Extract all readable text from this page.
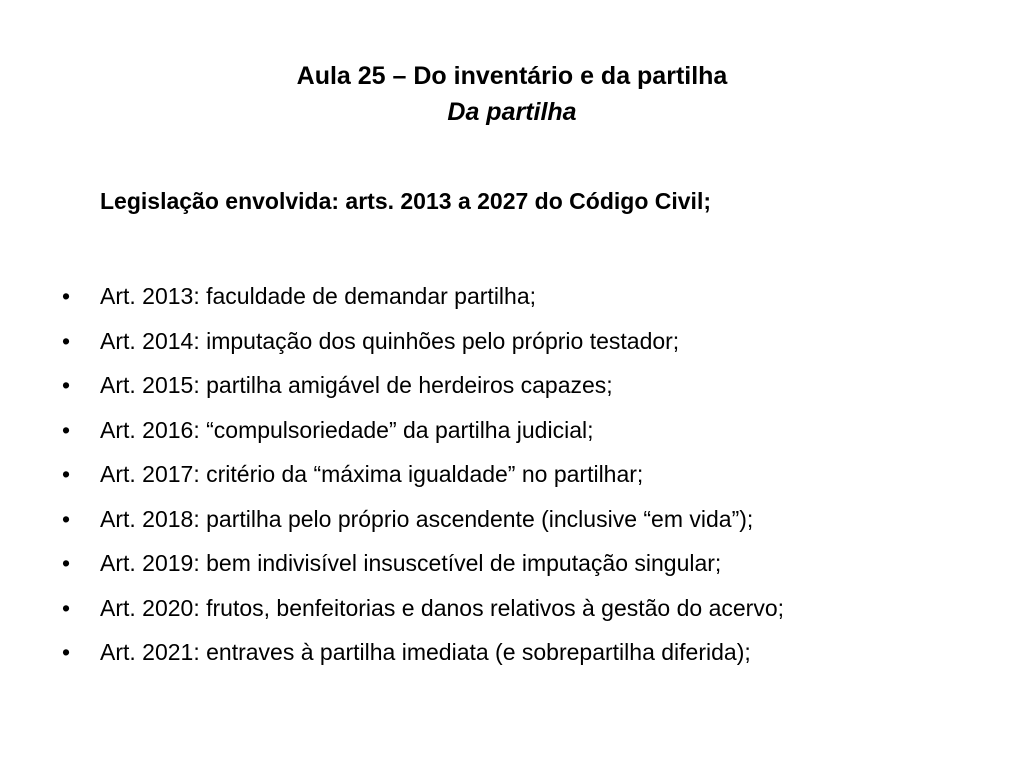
Aula 25 – Do inventário e da partilha
Da partilha
Legislação envolvida: arts. 2013 a 2027 do Código Civil;
• Art. 2013: faculdade de demandar partilha;
• Art. 2014: imputação dos quinhões pelo próprio testador;
• Art. 2015: partilha amigável de herdeiros capazes;
• Art. 2016: “compulsoriedade” da partilha judicial;
• Art. 2017: critério da “máxima igualdade” no partilhar;
• Art. 2018: partilha pelo próprio ascendente (inclusive “em vida”);
• Art. 2019: bem indivisível insuscetível de imputação singular;
• Art. 2020: frutos, benfeitorias e danos relativos à gestão do acervo;
• Art. 2021: entraves à partilha imediata (e sobrepartilha diferida);
